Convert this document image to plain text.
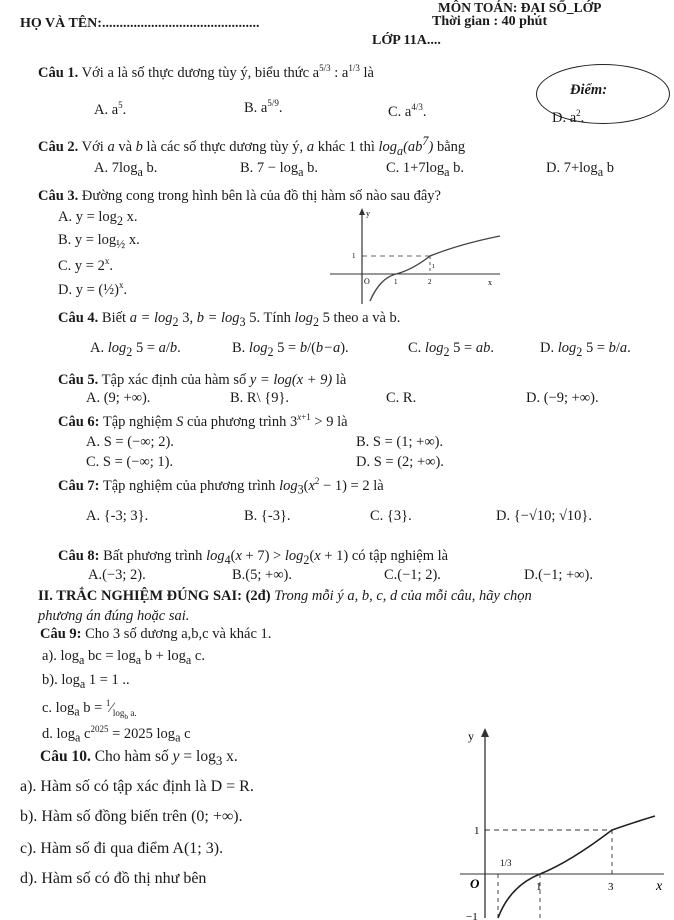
MÔN TOÁN: ĐẠI SỐ_LỚP
Thời gian : 40 phút
HỌ VÀ TÊN:.............................................
LỚP 11A....
Điểm:
Câu 1. Với a là số thực dương tùy ý, biểu thức $a^{5/3}$ : $a^{1/3}$ là
A. $a^5$.	B. $a^{5/9}$.	C. $a^{4/3}$.	D. $a^2$.
Câu 2. Với a và b là các số thực dương tùy ý, a khác 1 thì $\log_a(ab^7)$ bằng
A. $7\log_a$ b.	B. $7 - \log_a b$.	C. $1+7\log_a$ b.	D. $7+\log_a$ b
Câu 3. Đường cong trong hình bên là của đồ thị hàm số nào sau đây?
A. $y = \log_2 x$.
B. $y = \log_{\frac{1}{2}} x$.
C. $y = 2^x$.
D. y = (½)$^x$.
y
x
O
1
1	2
1
Câu 4. Biết $a = \log_2 3$, $b = \log_3 5$. Tính $\log_2 5$ theo a và b.
A. $\log_2 5 = a/b$.	B. $\log_2 5 = b/(b-a)$.	C. $\log_2 5$ = ab.	D. $\log_2 5 = b/a$.
Câu 5. Tập xác định của hàm số y = log(x + 9) là
A. (9; +∞).	B. R\ {9}.	C. R.	D. (−9; +∞).
Câu 6: Tập nghiệm S của phương trình $3^{x+1} > 9$ là
A. S = (−∞; 2).	B. S = (1; +∞).
C. S = (−∞; 1).	D. S = (2; +∞).
Câu 7: Tập nghiệm của phương trình $\log_3(x^2 - 1) = 2$ là
A. {-3; 3}.	B. {-3}.	C. {3}.	D. {−√10; √10}.
Câu 8: Bất phương trình $\log_4(x + 7) > \log_2(x + 1)$ có tập nghiệm là
A.(−3; 2).	B.(5; +∞).	C.(−1; 2).	D.(−1; +∞).
II. TRẮC NGHIỆM ĐÚNG SAI: (2đ) Trong mỗi ý a, b, c, d của mỗi câu, hãy chọn
phương án đúng hoặc sai.
Câu 9: Cho 3 số dương a,b,c và khác 1.
a). $\log_a$ bc = $\log_a b + \log_a c$.
b). $\log_a 1 = 1$ ..
c. $\log_a b$ = $^1⁄_{log_b a.}$
d. $\log_a c^{2025} = 2025$ $\log_a c$
Câu 10. Cho hàm số $y = \log_3 x$.
a). Hàm số có tập xác định là D = R.
b). Hàm số đồng biến trên (0; +∞).
c). Hàm số đi qua điểm A(1; 3).
d). Hàm số có đồ thị như bên
y
x
O
1
1/3
1	3
−1
